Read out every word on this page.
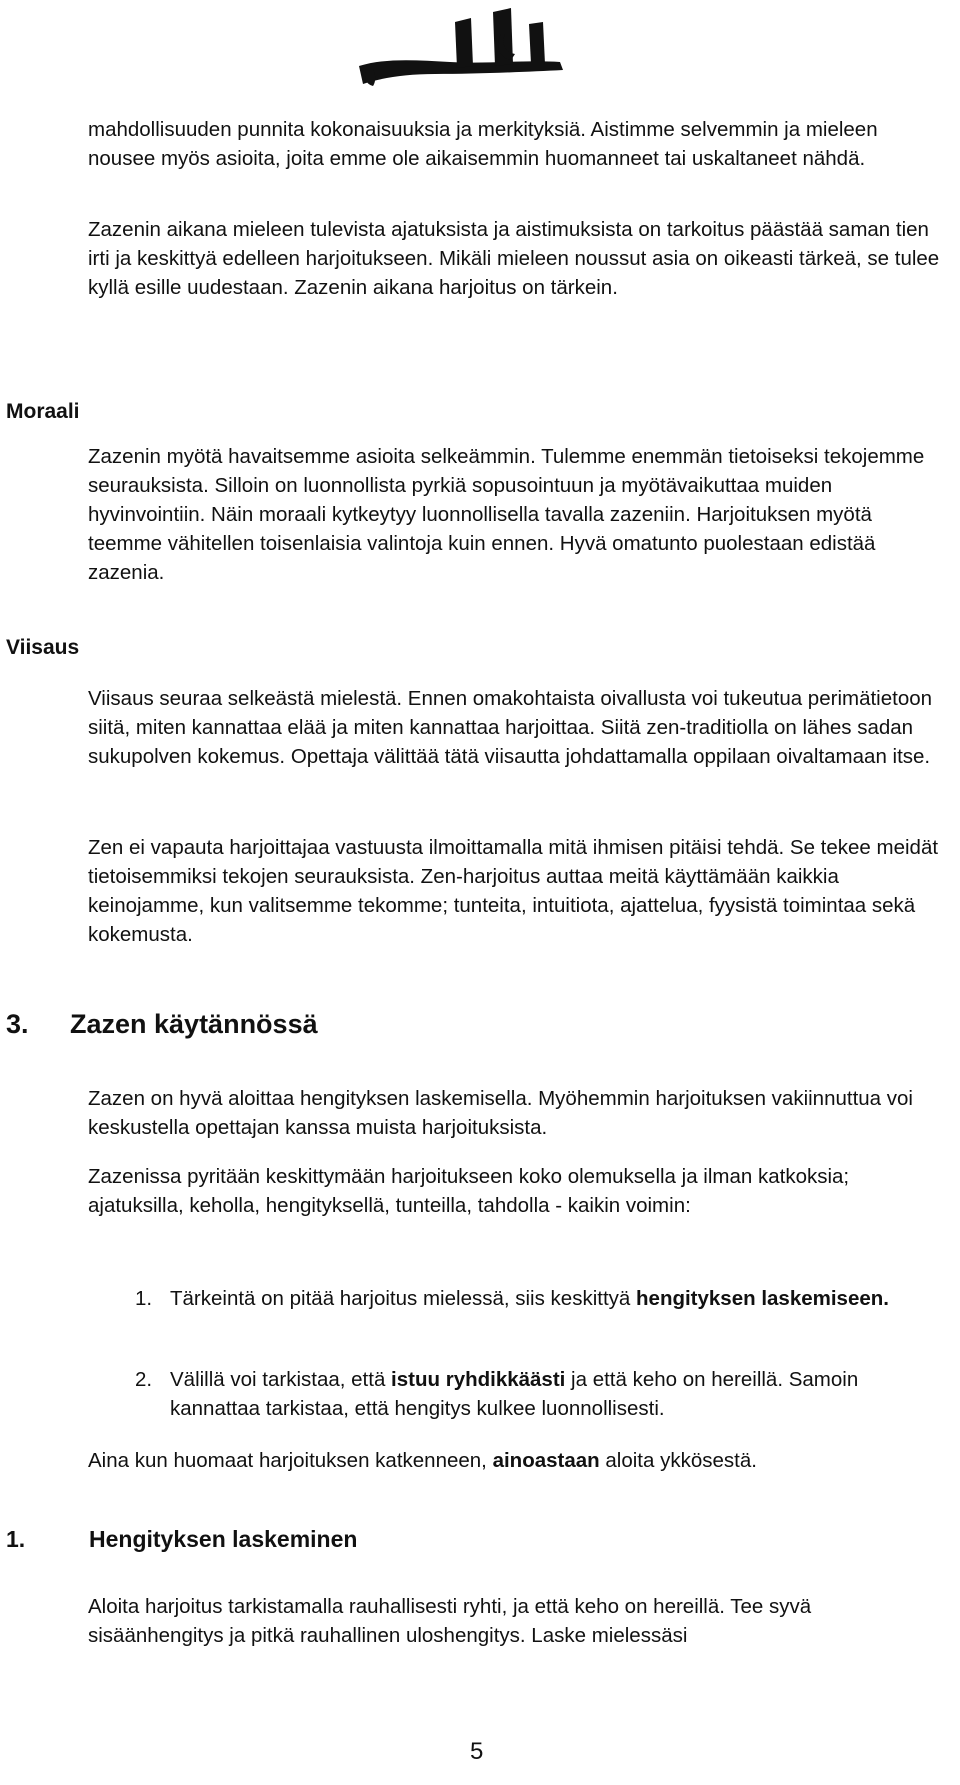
mahdollisuuden punnita kokonaisuuksia ja merkityksiä. Aistimme selvemmin ja mieleen nousee myös asioita, joita emme ole aikaisemmin huomanneet tai uskaltaneet nähdä.

Zazenin aikana mieleen tulevista ajatuksista ja aistimuksista on tarkoitus päästää saman tien irti ja keskittyä edelleen harjoitukseen. Mikäli mieleen noussut asia on oikeasti tärkeä, se tulee kyllä esille uudestaan. Zazenin aikana harjoitus on tärkein.

Moraali

Zazenin myötä havaitsemme asioita selkeämmin. Tulemme enemmän tietoiseksi tekojemme seurauksista. Silloin on luonnollista pyrkiä sopusointuun ja myötävaikuttaa muiden hyvinvointiin. Näin moraali kytkeytyy luonnollisella tavalla zazeniin. Harjoituksen myötä teemme vähitellen toisenlaisia valintoja kuin ennen. Hyvä omatunto puolestaan edistää zazenia.

Viisaus

Viisaus seuraa selkeästä mielestä. Ennen omakohtaista oivallusta voi tukeutua perimätietoon siitä, miten kannattaa elää ja miten kannattaa harjoittaa. Siitä zen-traditiolla on lähes sadan sukupolven kokemus. Opettaja välittää tätä viisautta johdattamalla oppilaan oivaltamaan itse.

Zen ei vapauta harjoittajaa vastuusta ilmoittamalla mitä ihmisen pitäisi tehdä. Se tekee meidät tietoisemmiksi tekojen seurauksista. Zen-harjoitus auttaa meitä käyttämään kaikkia keinojamme, kun valitsemme tekomme; tunteita, intuitiota, ajattelua, fyysistä toimintaa sekä kokemusta.

3. Zazen käytännössä

Zazen on hyvä aloittaa hengityksen laskemisella. Myöhemmin harjoituksen vakiinnuttua voi keskustella opettajan kanssa muista harjoituksista.

Zazenissa pyritään keskittymään harjoitukseen koko olemuksella ja ilman katkoksia; ajatuksilla, keholla, hengityksellä, tunteilla, tahdolla - kaikin voimin:

1. Tärkeintä on pitää harjoitus mielessä, siis keskittyä hengityksen laskemiseen.
2. Välillä voi tarkistaa, että istuu ryhdikkäästi ja että keho on hereillä. Samoin kannattaa tarkistaa, että hengitys kulkee luonnollisesti.

Aina kun huomaat harjoituksen katkenneen, ainoastaan aloita ykkösestä.

1.	Hengityksen laskeminen

Aloita harjoitus tarkistamalla rauhallisesti ryhti, ja että keho on hereillä. Tee syvä sisäänhengitys ja pitkä rauhallinen uloshengitys. Laske mielessäsi

5
